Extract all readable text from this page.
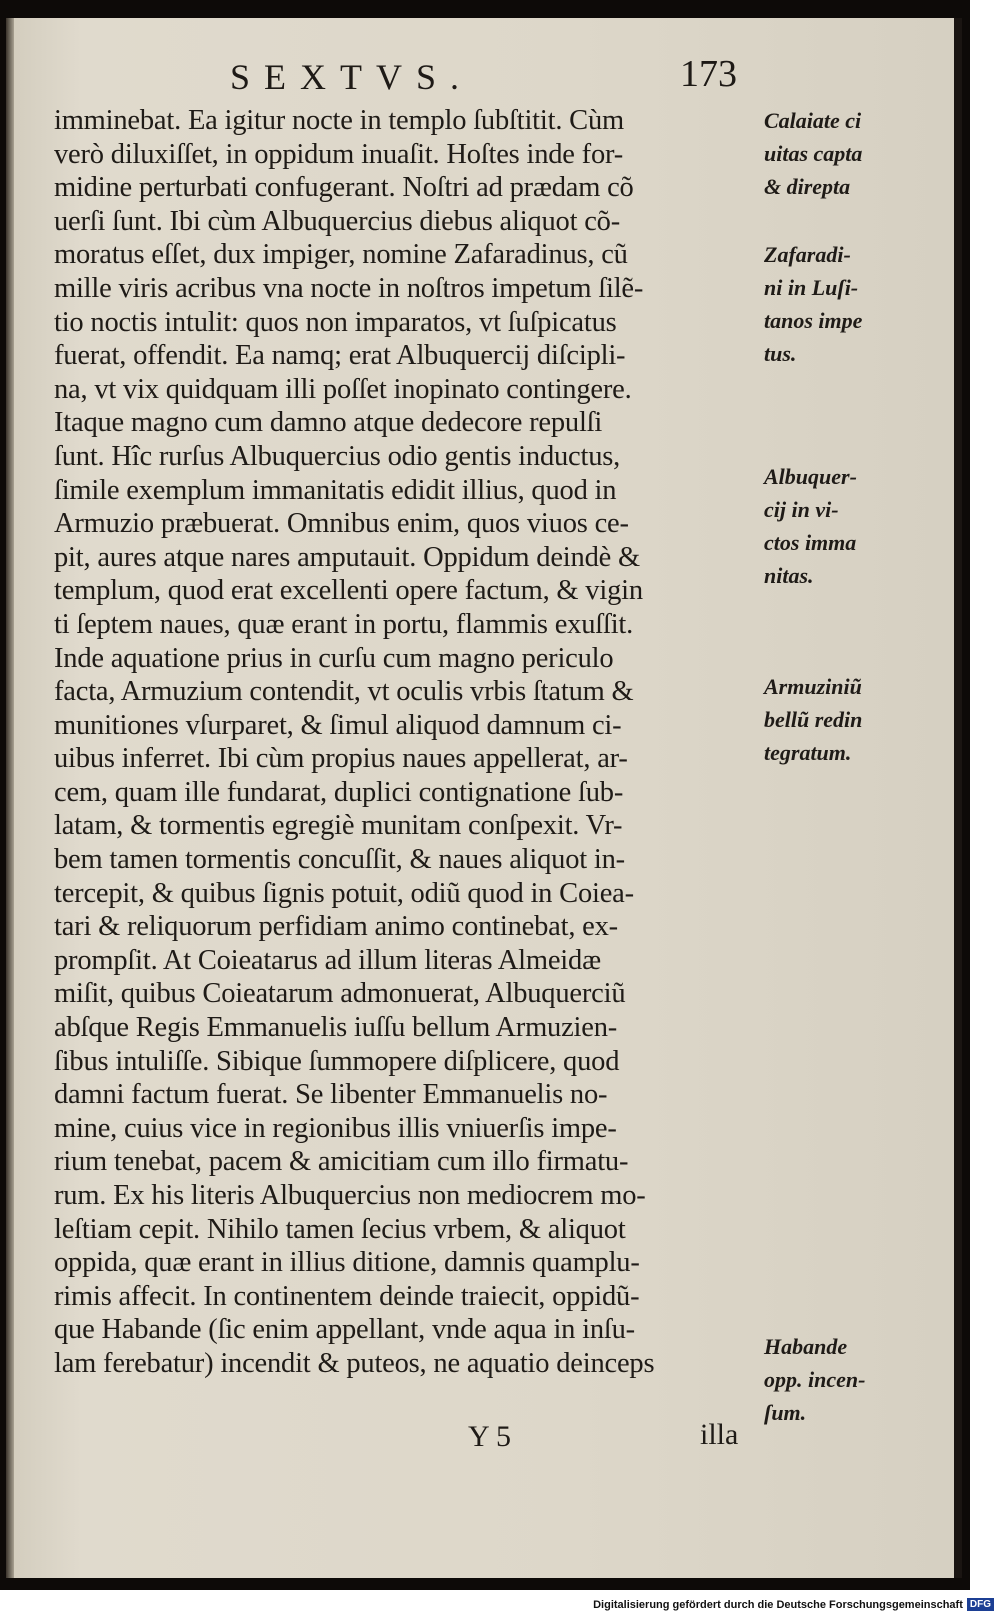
SEXTVS.	173
imminebat. Ea igitur nocte in templo ſubſtitit. Cùm
verò diluxiſſet, in oppidum inuaſit. Hoſtes inde for-
midine perturbati confugerant. Noſtri ad prædam cõ
uerſi ſunt. Ibi cùm Albuquercius diebus aliquot cõ-
moratus eſſet, dux impiger, nomine Zafaradinus, cũ
mille viris acribus vna nocte in noſtros impetum ſilẽ-
tio noctis intulit: quos non imparatos, vt ſuſpicatus
fuerat, offendit. Ea namq; erat Albuquercij diſcipli-
na, vt vix quidquam illi poſſet inopinato contingere.
Itaque magno cum damno atque dedecore repulſi
ſunt. Hîc rurſus Albuquercius odio gentis inductus,
ſimile exemplum immanitatis edidit illius, quod in
Armuzio præbuerat. Omnibus enim, quos viuos ce-
pit, aures atque nares amputauit. Oppidum deindè &
templum, quod erat excellenti opere factum, & vigin
ti ſeptem naues, quæ erant in portu, flammis exuſſit.
Inde aquatione prius in curſu cum magno periculo
facta, Armuzium contendit, vt oculis vrbis ſtatum &
munitiones vſurparet, & ſimul aliquod damnum ci-
uibus inferret. Ibi cùm propius naues appellerat, ar-
cem, quam ille fundarat, duplici contignatione ſub-
latam, & tormentis egregiè munitam conſpexit. Vr-
bem tamen tormentis concuſſit, & naues aliquot in-
tercepit, & quibus ſignis potuit, odiũ quod in Coiea-
tari & reliquorum perfidiam animo continebat, ex-
prompſit. At Coieatarus ad illum literas Almeidæ
miſit, quibus Coieatarum admonuerat, Albuquerciũ
abſque Regis Emmanuelis iuſſu bellum Armuzien-
ſibus intuliſſe. Sibique ſummopere diſplicere, quod
damni factum fuerat. Se libenter Emmanuelis no-
mine, cuius vice in regionibus illis vniuerſis impe-
rium tenebat, pacem & amicitiam cum illo firmatu-
rum. Ex his literis Albuquercius non mediocrem mo-
leſtiam cepit. Nihilo tamen ſecius vrbem, & aliquot
oppida, quæ erant in illius ditione, damnis quamplu-
rimis affecit. In continentem deinde traiecit, oppidũ-
que Habande (ſic enim appellant, vnde aqua in inſu-
lam ferebatur) incendit & puteos, ne aquatio deinceps
Calaiate ci
uitas capta
& direpta
Zafaradi-
ni in Luſi-
tanos impe
tus.
Albuquer-
cij in vi-
ctos imma
nitas.
Armuziniũ
bellũ redin
tegratum.
Habande
opp. incen-
ſum.
Y 5	illa
Digitalisierung gefördert durch die Deutsche Forschungsgemeinschaft DFG
